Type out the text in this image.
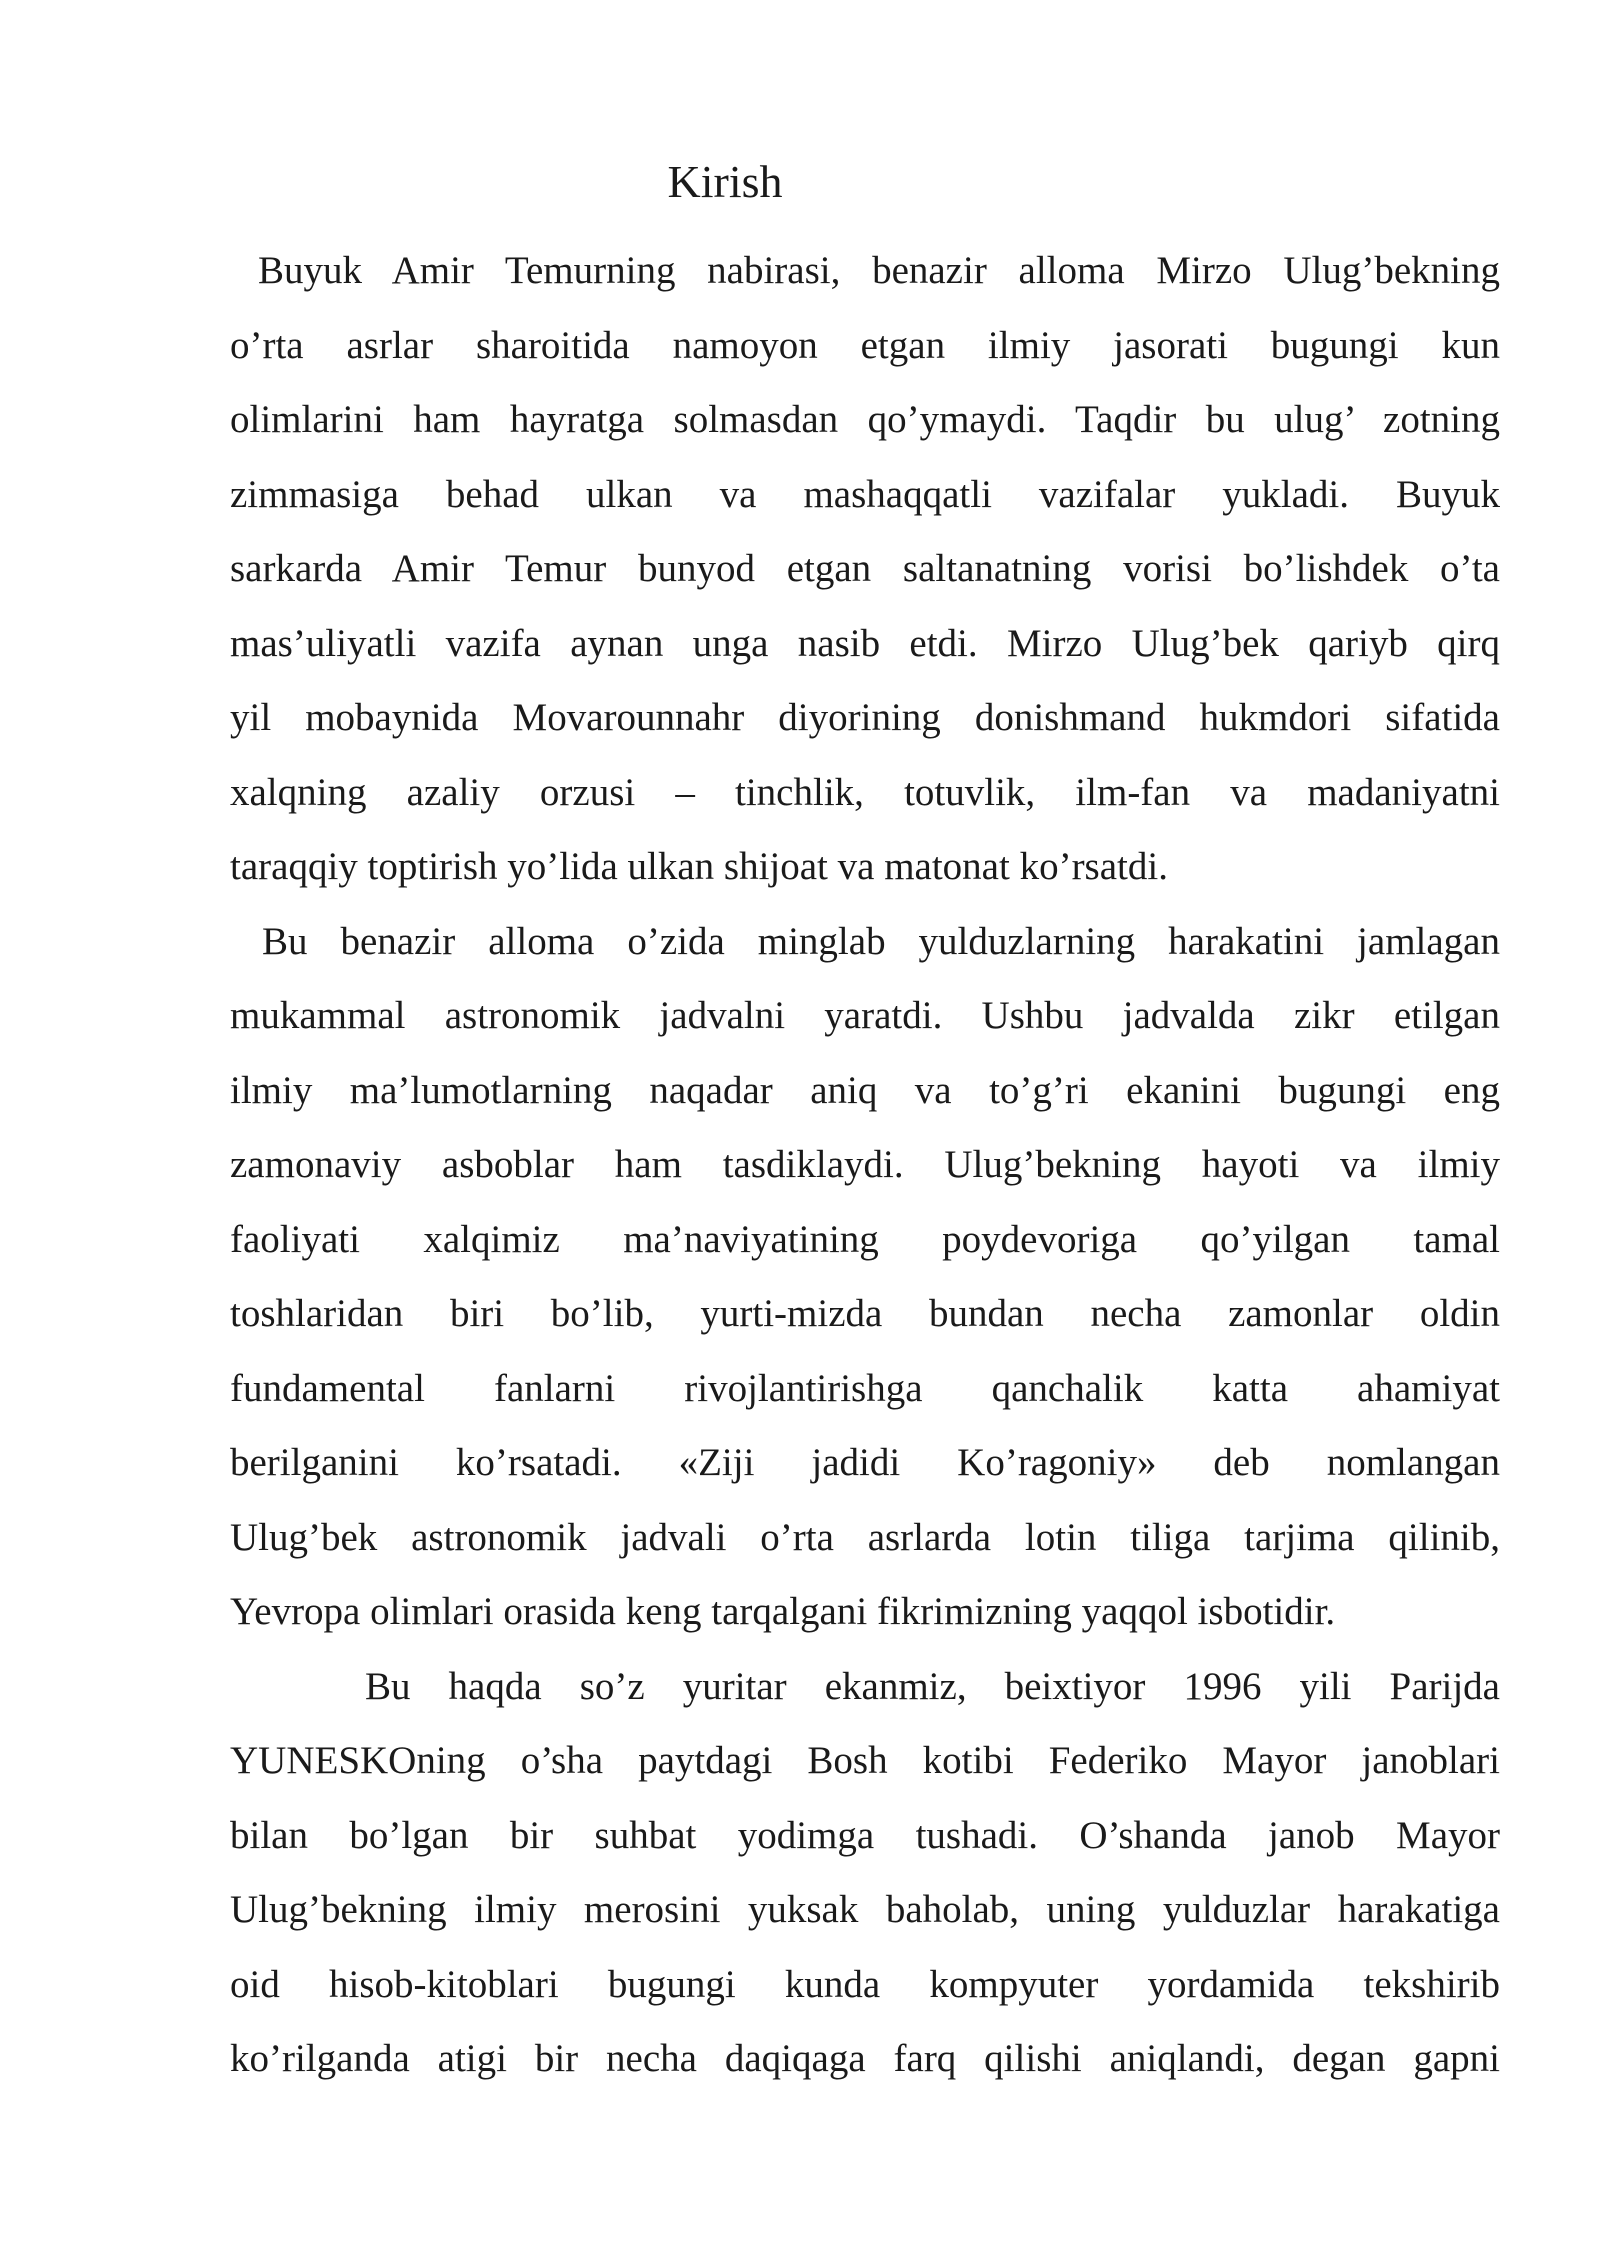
Kirish
Buyuk Amir Temurning nabirasi, benazir alloma Mirzo Ulug’bekning
o’rta asrlar sharoitida namoyon etgan ilmiy jasorati bugungi kun
olimlarini ham hayratga solmasdan qo’ymaydi. Taqdir bu ulug’ zotning
zimmasiga behad ulkan va mashaqqatli vazifalar yukladi. Buyuk
sarkarda Amir Temur bunyod etgan saltanatning vorisi bo’lishdek o’ta
mas’uliyatli vazifa aynan unga nasib etdi. Mirzo Ulug’bek qariyb qirq
yil mobaynida Movarounnahr diyorining donishmand hukmdori sifatida
xalqning azaliy orzusi – tinchlik, totuvlik, ilm-fan va madaniyatni
taraqqiy toptirish yo’lida ulkan shijoat va matonat ko’rsatdi.
Bu benazir alloma o’zida minglab yulduzlarning harakatini jamlagan
mukammal astronomik jadvalni yaratdi. Ushbu jadvalda zikr etilgan
ilmiy ma’lumotlarning naqadar aniq va to’g’ri ekanini bugungi eng
zamonaviy asboblar ham tasdiklaydi. Ulug’bekning hayoti va ilmiy
faoliyati xalqimiz ma’naviyatining poydevoriga qo’yilgan tamal
toshlaridan biri bo’lib, yurti-mizda bundan necha zamonlar oldin
fundamental fanlarni rivojlantirishga qanchalik katta ahamiyat
berilganini ko’rsatadi. «Ziji jadidi Ko’ragoniy» deb nomlangan
Ulug’bek astronomik jadvali o’rta asrlarda lotin tiliga tarjima qilinib,
Yevropa olimlari orasida keng tarqalgani fikrimizning yaqqol isbotidir.
Bu haqda so’z yuritar ekanmiz, beixtiyor 1996 yili Parijda
YUNESKOning o’sha paytdagi Bosh kotibi Federiko Mayor janoblari
bilan bo’lgan bir suhbat yodimga tushadi. O’shanda janob Mayor
Ulug’bekning ilmiy merosini yuksak baholab, uning yulduzlar harakatiga
oid hisob-kitoblari bugungi kunda kompyuter yordamida tekshirib
ko’rilganda atigi bir necha daqiqaga farq qilishi aniqlandi, degan gapni
